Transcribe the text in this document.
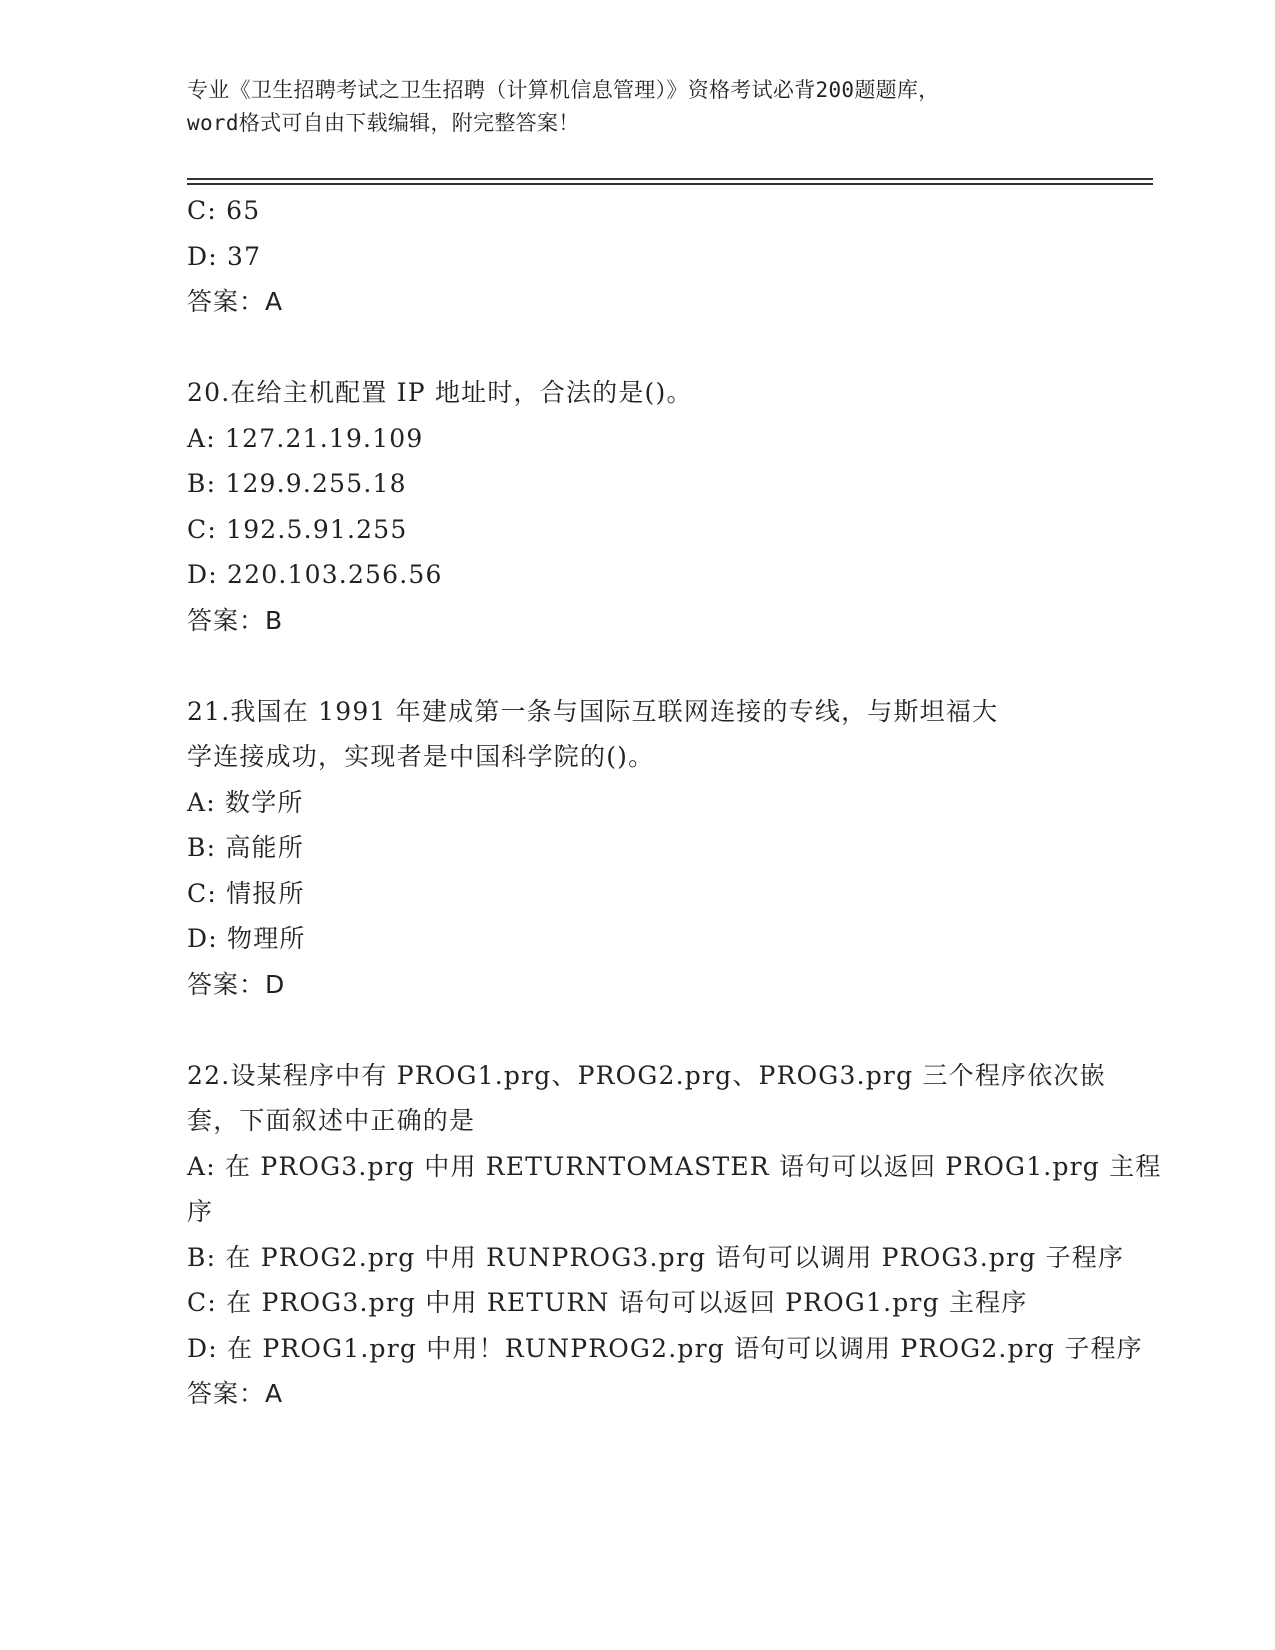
专业《卫生招聘考试之卫生招聘（计算机信息管理）》资格考试必背200题题库，
word格式可自由下载编辑，附完整答案！
C: 65
D: 37
答案：A
20.在给主机配置 IP 地址时，合法的是()。
A: 127.21.19.109
B: 129.9.255.18
C: 192.5.91.255
D: 220.103.256.56
答案：B
21.我国在 1991 年建成第一条与国际互联网连接的专线，与斯坦福大
学连接成功，实现者是中国科学院的()。
A: 数学所
B: 高能所
C: 情报所
D: 物理所
答案：D
22.设某程序中有 PROG1.prg、PROG2.prg、PROG3.prg 三个程序依次嵌
套，下面叙述中正确的是
A: 在 PROG3.prg 中用 RETURNTOMASTER 语句可以返回 PROG1.prg 主程
序
B: 在 PROG2.prg 中用 RUNPROG3.prg 语句可以调用 PROG3.prg 子程序
C: 在 PROG3.prg 中用 RETURN 语句可以返回 PROG1.prg 主程序
D: 在 PROG1.prg 中用！RUNPROG2.prg 语句可以调用 PROG2.prg 子程序
答案：A
